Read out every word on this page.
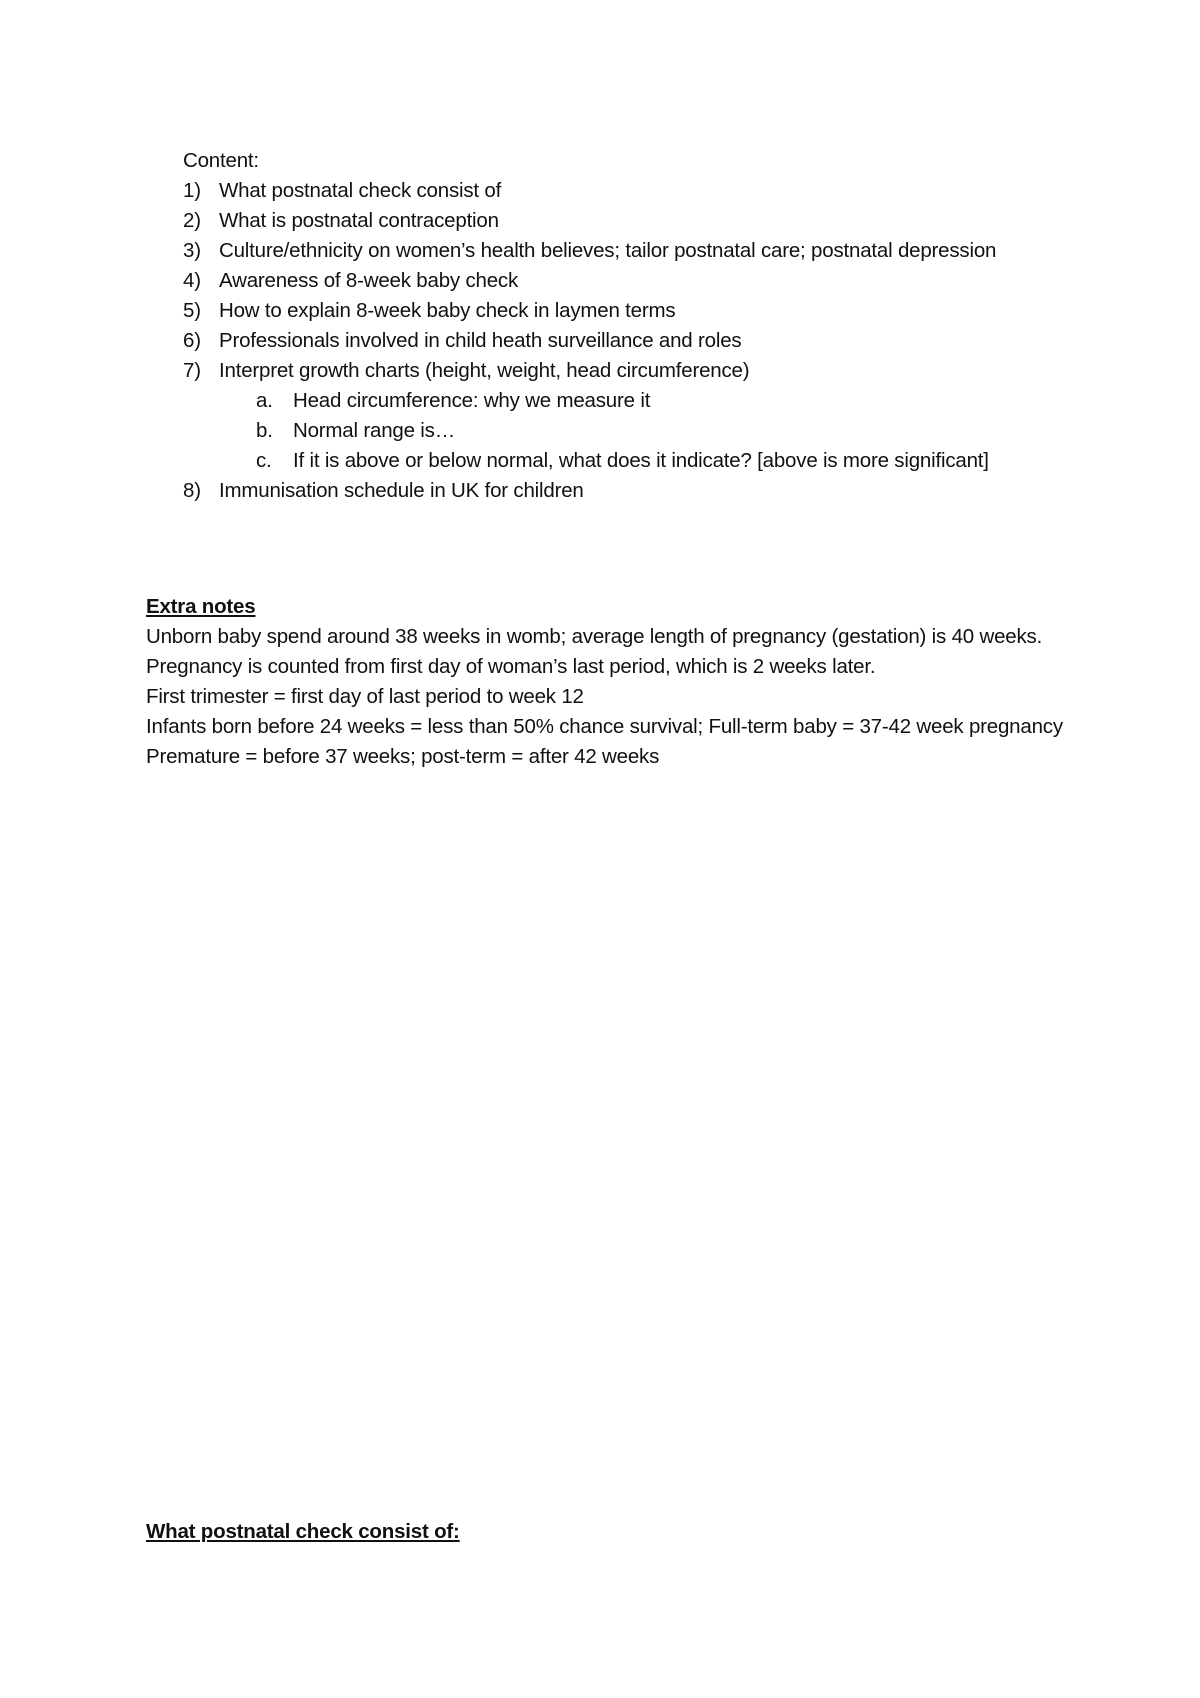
Content:

1) What postnatal check consist of
2) What is postnatal contraception
3) Culture/ethnicity on women’s health believes; tailor postnatal care; postnatal depression
4) Awareness of 8-week baby check
5) How to explain 8-week baby check in laymen terms
6) Professionals involved in child heath surveillance and roles
7) Interpret growth charts (height, weight, head circumference)
a. Head circumference: why we measure it
b. Normal range is…
c.	If it is above or below normal, what does it indicate? [above is more significant]
8) Immunisation schedule in UK for children

Extra notes

Unborn baby spend around 38 weeks in womb; average length of pregnancy (gestation) is 40 weeks. Pregnancy is counted from first day of woman’s last period, which is 2 weeks later.

First trimester = first day of last period to week 12

Infants born before 24 weeks = less than 50% chance survival; Full-term baby = 37-42 week pregnancy

Premature = before 37 weeks; post-term = after 42 weeks

What postnatal check consist of:
